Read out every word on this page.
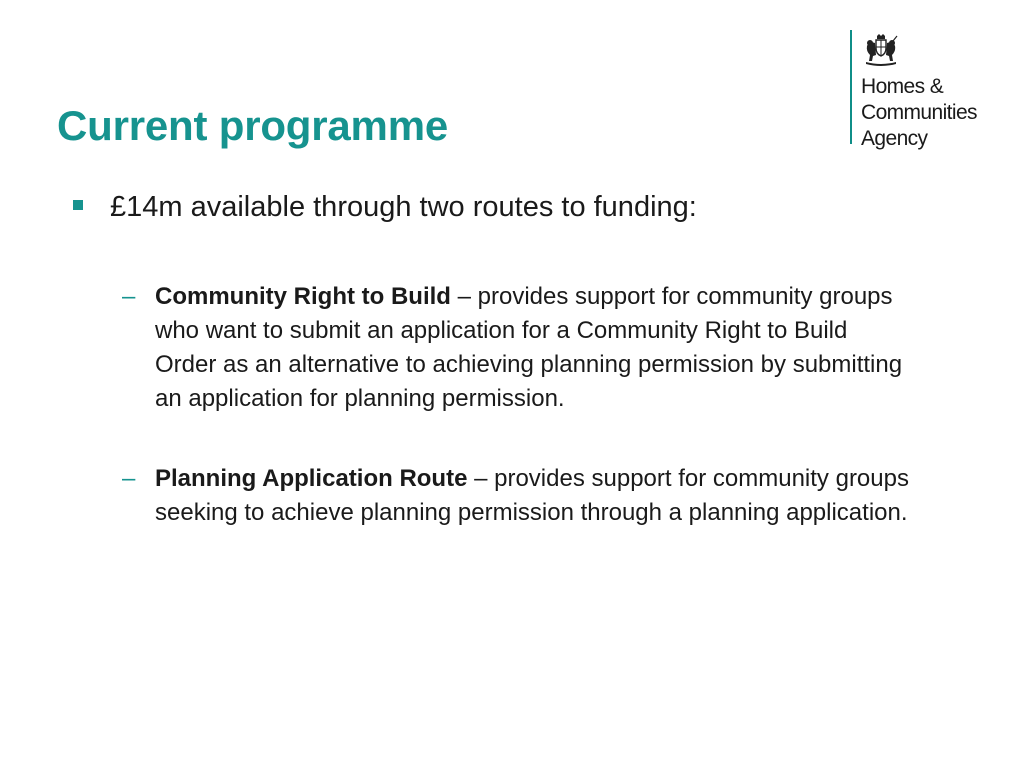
Current programme
Homes &
Communities
Agency
£14m available through two routes to funding:
– Community Right to Build – provides support for community groups who want to submit an application for a Community Right to Build Order as an alternative to achieving planning permission by submitting an application for planning permission.
– Planning Application Route – provides support for community groups seeking to achieve planning permission through a planning application.
